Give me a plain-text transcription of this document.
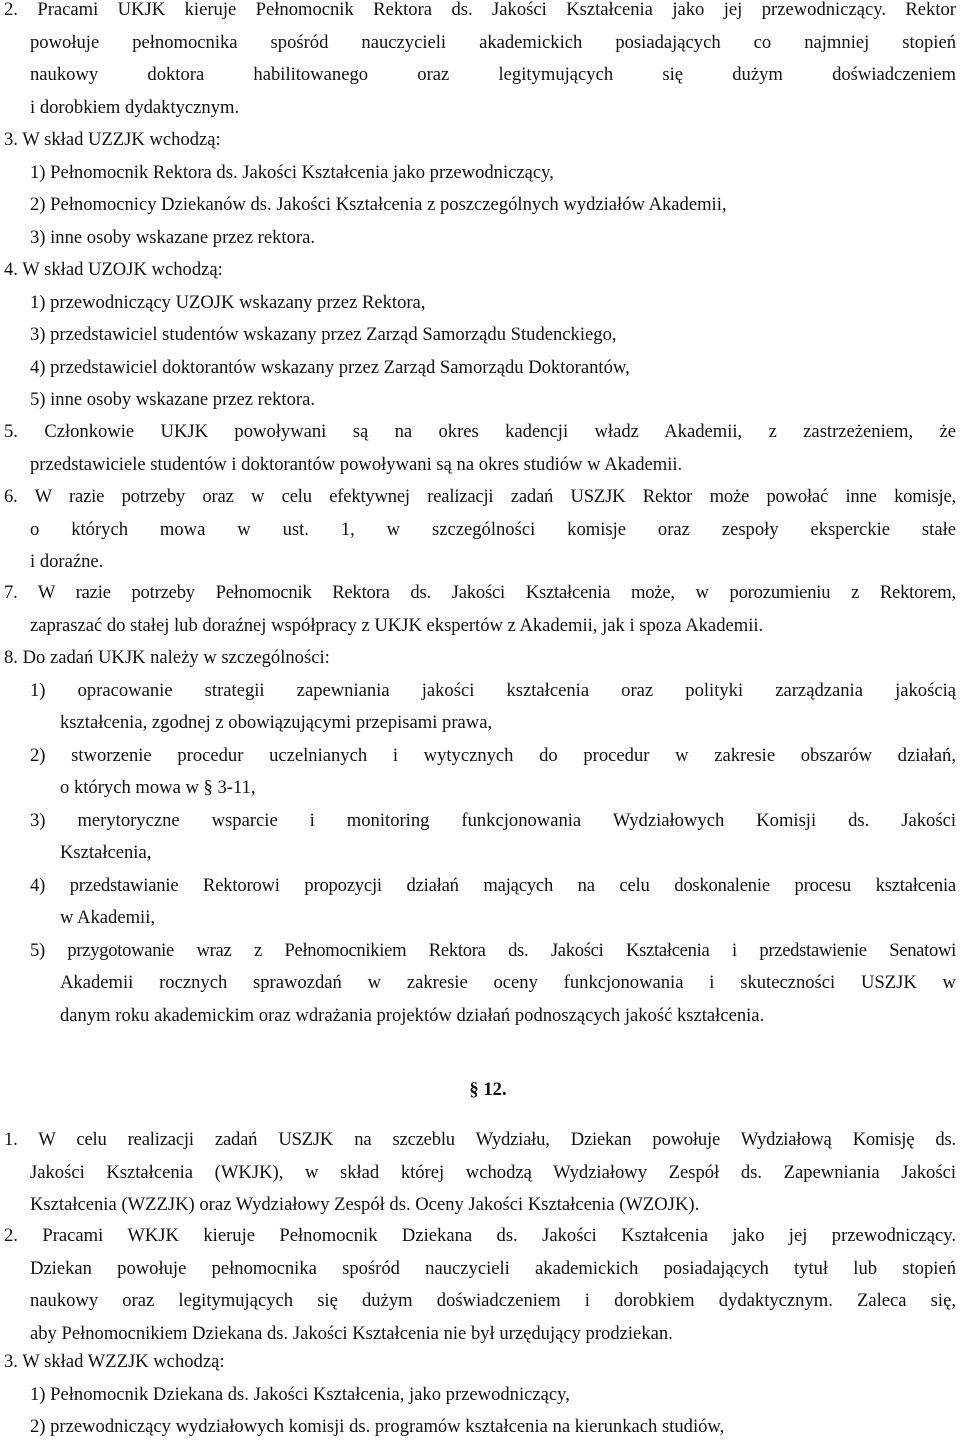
2. Pracami UKJK kieruje Pełnomocnik Rektora ds. Jakości Kształcenia jako jej przewodniczący. Rektor
powołuje pełnomocnika spośród nauczycieli akademickich posiadających co najmniej stopień
naukowy doktora habilitowanego oraz legitymujących się dużym doświadczeniem
i dorobkiem dydaktycznym.
3. W skład UZZJK wchodzą:
1) Pełnomocnik Rektora ds. Jakości Kształcenia jako przewodniczący,
2) Pełnomocnicy Dziekanów ds. Jakości Kształcenia z poszczególnych wydziałów Akademii,
3) inne osoby wskazane przez rektora.
4. W skład UZOJK wchodzą:
1) przewodniczący UZOJK wskazany przez Rektora,
3) przedstawiciel studentów wskazany przez Zarząd Samorządu Studenckiego,
4) przedstawiciel doktorantów wskazany przez Zarząd Samorządu Doktorantów,
5) inne osoby wskazane przez rektora.
5. Członkowie UKJK powoływani są na okres kadencji władz Akademii, z zastrzeżeniem, że
przedstawiciele studentów i doktorantów powoływani są na okres studiów w Akademii.
6. W razie potrzeby oraz w celu efektywnej realizacji zadań USZJK Rektor może powołać inne komisje,
o których mowa w ust. 1, w szczególności komisje oraz zespoły eksperckie stałe
i doraźne.
7. W razie potrzeby Pełnomocnik Rektora ds. Jakości Kształcenia może, w porozumieniu z Rektorem,
zapraszać do stałej lub doraźnej współpracy z UKJK ekspertów z Akademii, jak i spoza Akademii.
8. Do zadań UKJK należy w szczególności:
1) opracowanie strategii zapewniania jakości kształcenia oraz polityki zarządzania jakością
kształcenia, zgodnej z obowiązującymi przepisami prawa,
2) stworzenie procedur uczelnianych i wytycznych do procedur w zakresie obszarów działań,
o których mowa w § 3-11,
3) merytoryczne wsparcie i monitoring funkcjonowania Wydziałowych Komisji ds. Jakości
Kształcenia,
4) przedstawianie Rektorowi propozycji działań mających na celu doskonalenie procesu kształcenia
w Akademii,
5) przygotowanie wraz z Pełnomocnikiem Rektora ds. Jakości Kształcenia i przedstawienie Senatowi
Akademii rocznych sprawozdań w zakresie oceny funkcjonowania i skuteczności USZJK w
danym roku akademickim oraz wdrażania projektów działań podnoszących jakość kształcenia.
§ 12.
1. W celu realizacji zadań USZJK na szczeblu Wydziału, Dziekan powołuje Wydziałową Komisję ds.
Jakości Kształcenia (WKJK), w skład której wchodzą Wydziałowy Zespół ds. Zapewniania Jakości
Kształcenia (WZZJK) oraz Wydziałowy Zespół ds. Oceny Jakości Kształcenia (WZOJK).
2. Pracami WKJK kieruje Pełnomocnik Dziekana ds. Jakości Kształcenia jako jej przewodniczący.
Dziekan powołuje pełnomocnika spośród nauczycieli akademickich posiadających tytuł lub stopień
naukowy oraz legitymujących się dużym doświadczeniem i dorobkiem dydaktycznym. Zaleca się,
aby Pełnomocnikiem Dziekana ds. Jakości Kształcenia nie był urzędujący prodziekan.
3. W skład WZZJK wchodzą:
1) Pełnomocnik Dziekana ds. Jakości Kształcenia, jako przewodniczący,
2) przewodniczący wydziałowych komisji ds. programów kształcenia na kierunkach studiów,
